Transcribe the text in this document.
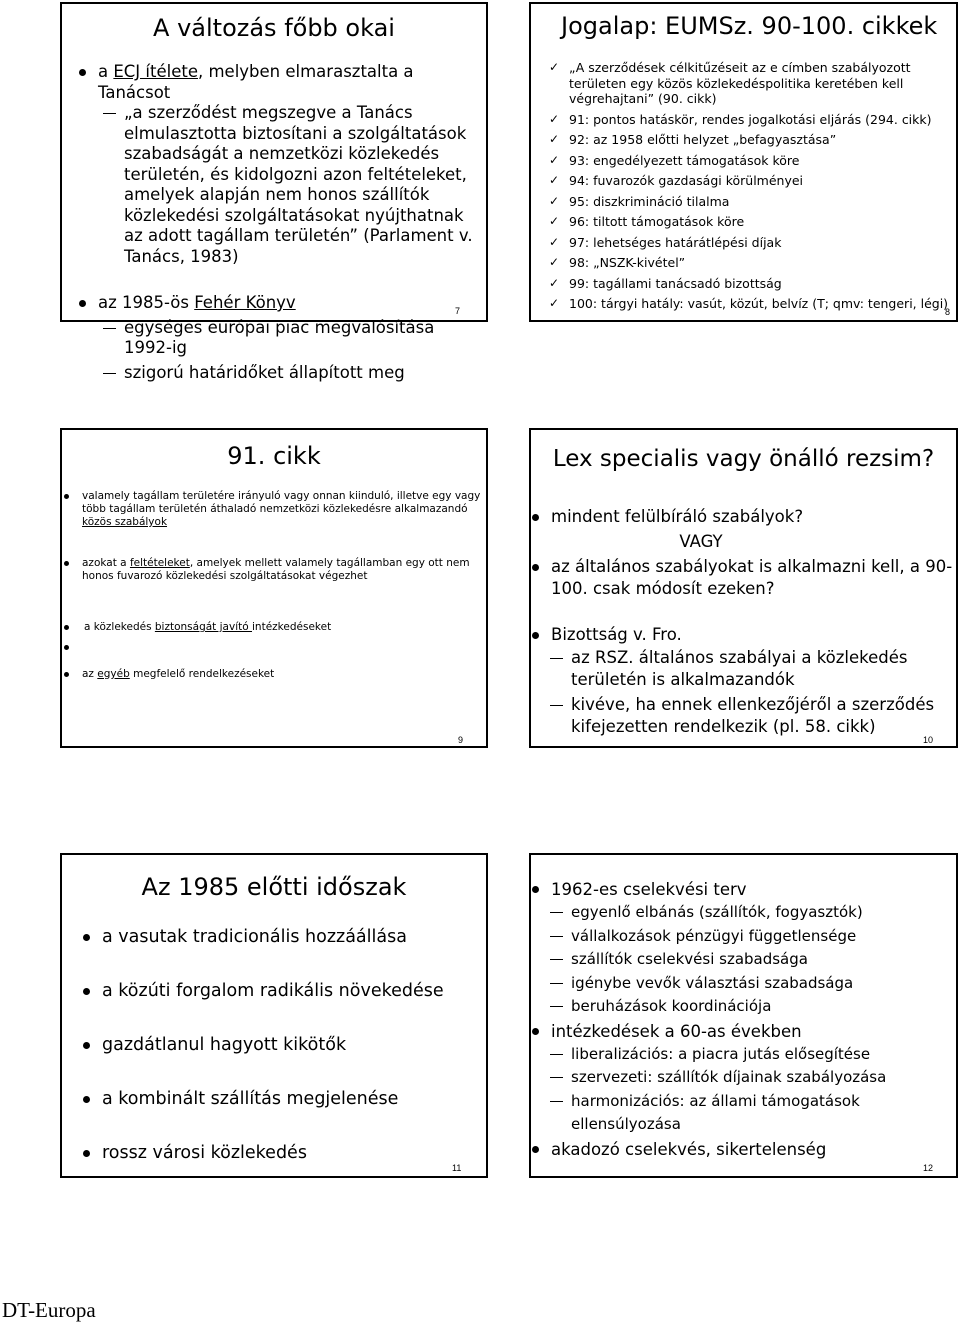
A változás főbb okai
a ECJ ítélete, melyben elmarasztalta a Tanácsot
„a szerződést megszegve a Tanács elmulasztotta biztosítani a szolgáltatások szabadságát a nemzetközi közlekedés területén, és kidolgozni azon feltételeket, amelyek alapján nem honos szállítók közlekedési szolgáltatásokat nyújthatnak az adott tagállam területén” (Parlament v. Tanács, 1983)
az 1985-ös Fehér Könyv
egységes európai piac megvalósítása 1992-ig
szigorú határidőket állapított meg
7
Jogalap: EUMSz. 90-100. cikkek
✓ „A szerződések célkitűzéseit az e címben szabályozott területen egy közös közlekedéspolitika keretében kell végrehajtani” (90. cikk)
✓ 91: pontos hatáskör, rendes jogalkotási eljárás (294. cikk)
✓ 92: az 1958 előtti helyzet „befagyasztása”
✓ 93: engedélyezett támogatások köre
✓ 94: fuvarozók gazdasági körülményei
✓ 95: diszkrimináció tilalma
✓ 96: tiltott támogatások köre
✓ 97: lehetséges határátlépési díjak
✓ 98: „NSZK-kivétel”
✓ 99: tagállami tanácsadó bizottság
✓ 100: tárgyi hatály: vasút, közút, belvíz (T; qmv: tengeri, légi)
8
91. cikk
valamely tagállam területére irányuló vagy onnan kiinduló, illetve egy vagy több tagállam területén áthaladó nemzetközi közlekedésre alkalmazandó közös szabályok
azokat a feltételeket, amelyek mellett valamely tagállamban egy ott nem honos fuvarozó közlekedési szolgáltatásokat végezhet
a közlekedés biztonságát javító intézkedéseket
az egyéb megfelelő rendelkezéseket
9
Lex specialis vagy önálló rezsim?
mindent felülbíráló szabályok?
VAGY
az általános szabályokat is alkalmazni kell, a 90-100. csak módosít ezeken?
Bizottság v. Fro.
az RSZ. általános szabályai a közlekedés területén is alkalmazandók
kivéve, ha ennek ellenkezőjéről a szerződés kifejezetten rendelkezik (pl. 58. cikk)
10
Az 1985 előtti időszak
a vasutak tradicionális hozzáállása
a közúti forgalom radikális növekedése
gazdátlanul hagyott kikötők
a kombinált szállítás megjelenése
rossz városi közlekedés
11
1962-es cselekvési terv
egyenlő elbánás (szállítók, fogyasztók)
vállalkozások pénzügyi függetlensége
szállítók cselekvési szabadsága
igénybe vevők választási szabadsága
beruházások koordinációja
intézkedések a 60-as években
liberalizációs: a piacra jutás elősegítése
szervezeti: szállítók díjainak szabályozása
harmonizációs: az állami támogatások ellensúlyozása
akadozó cselekvés, sikertelenség
12
DT-Europa
